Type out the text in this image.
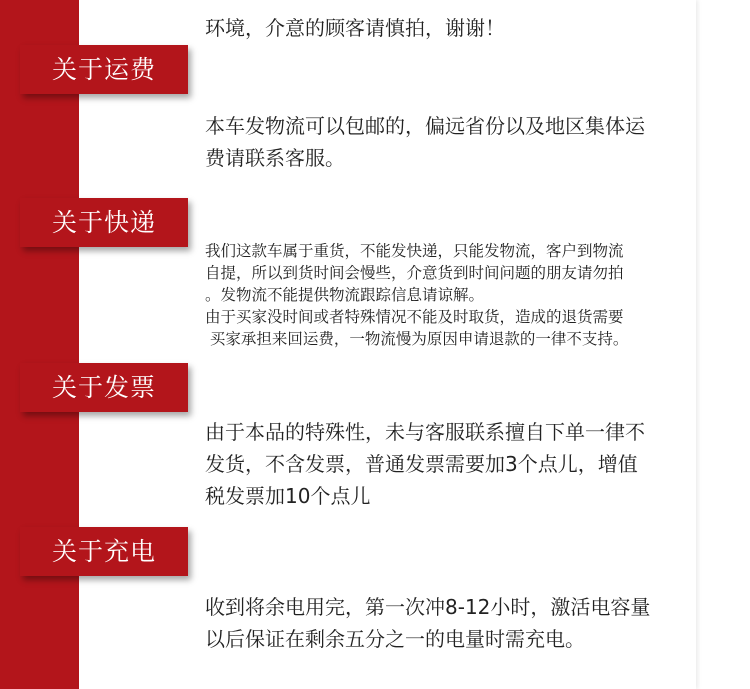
环境，介意的顾客请慎拍，谢谢！

关于运费

本车发物流可以包邮的，偏远省份以及地区集体运

费请联系客服。

关于快递

我们这款车属于重货，不能发快递，只能发物流，客户到物流

自提，所以到货时间会慢些，介意货到时间问题的朋友请勿拍

。发物流不能提供物流跟踪信息请谅解。

由于买家没时间或者特殊情况不能及时取货，造成的退货需要

买家承担来回运费，一物流慢为原因申请退款的一律不支持。

关于发票

由于本品的特殊性，未与客服联系擅自下单一律不

发货，不含发票，普通发票需要加3个点儿，增值

税发票加10个点儿

关于充电

收到将余电用完，第一次冲8-12小时，激活电容量

以后保证在剩余五分之一的电量时需充电。
